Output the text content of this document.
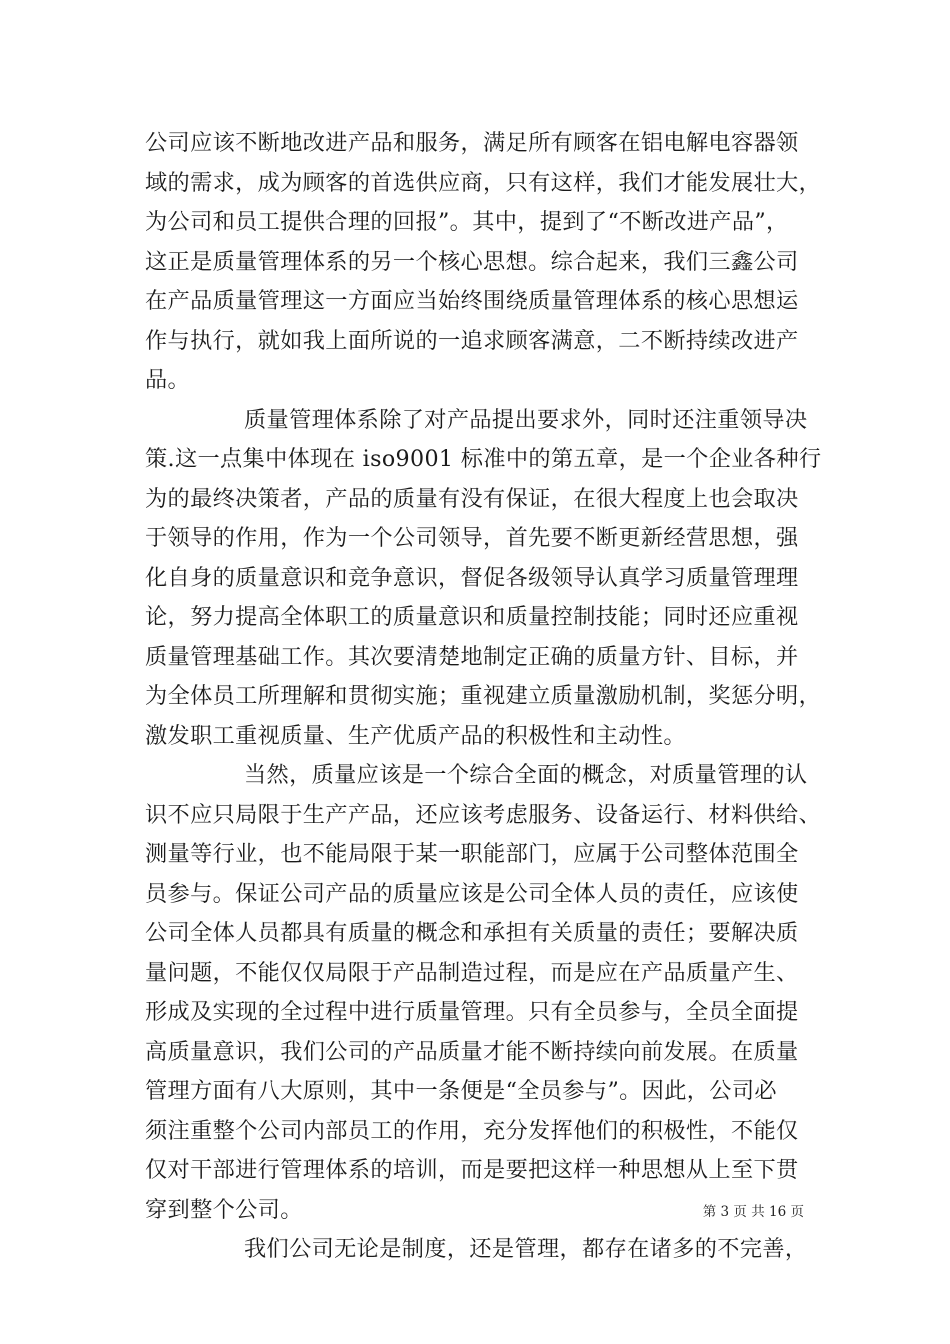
公司应该不断地改进产品和服务，满足所有顾客在铝电解电容器领
域的需求，成为顾客的首选供应商，只有这样，我们才能发展壮大，
为公司和员工提供合理的回报”。其中，提到了“不断改进产品”，
这正是质量管理体系的另一个核心思想。综合起来，我们三鑫公司
在产品质量管理这一方面应当始终围绕质量管理体系的核心思想运
作与执行，就如我上面所说的一追求顾客满意，二不断持续改进产
品。
质量管理体系除了对产品提出要求外，同时还注重领导决
策.这一点集中体现在 iso9001 标准中的第五章，是一个企业各种行
为的最终决策者，产品的质量有没有保证，在很大程度上也会取决
于领导的作用，作为一个公司领导，首先要不断更新经营思想，强
化自身的质量意识和竞争意识，督促各级领导认真学习质量管理理
论，努力提高全体职工的质量意识和质量控制技能；同时还应重视
质量管理基础工作。其次要清楚地制定正确的质量方针、目标，并
为全体员工所理解和贯彻实施；重视建立质量激励机制，奖惩分明，
激发职工重视质量、生产优质产品的积极性和主动性。
当然，质量应该是一个综合全面的概念，对质量管理的认
识不应只局限于生产产品，还应该考虑服务、设备运行、材料供给、
测量等行业，也不能局限于某一职能部门，应属于公司整体范围全
员参与。保证公司产品的质量应该是公司全体人员的责任，应该使
公司全体人员都具有质量的概念和承担有关质量的责任；要解决质
量问题，不能仅仅局限于产品制造过程，而是应在产品质量产生、
形成及实现的全过程中进行质量管理。只有全员参与，全员全面提
高质量意识，我们公司的产品质量才能不断持续向前发展。在质量
管理方面有八大原则，其中一条便是“全员参与”。因此，公司必
须注重整个公司内部员工的作用，充分发挥他们的积极性，不能仅
仅对干部进行管理体系的培训，而是要把这样一种思想从上至下贯
穿到整个公司。
我们公司无论是制度，还是管理，都存在诸多的不完善，
第 3 页 共 16 页
